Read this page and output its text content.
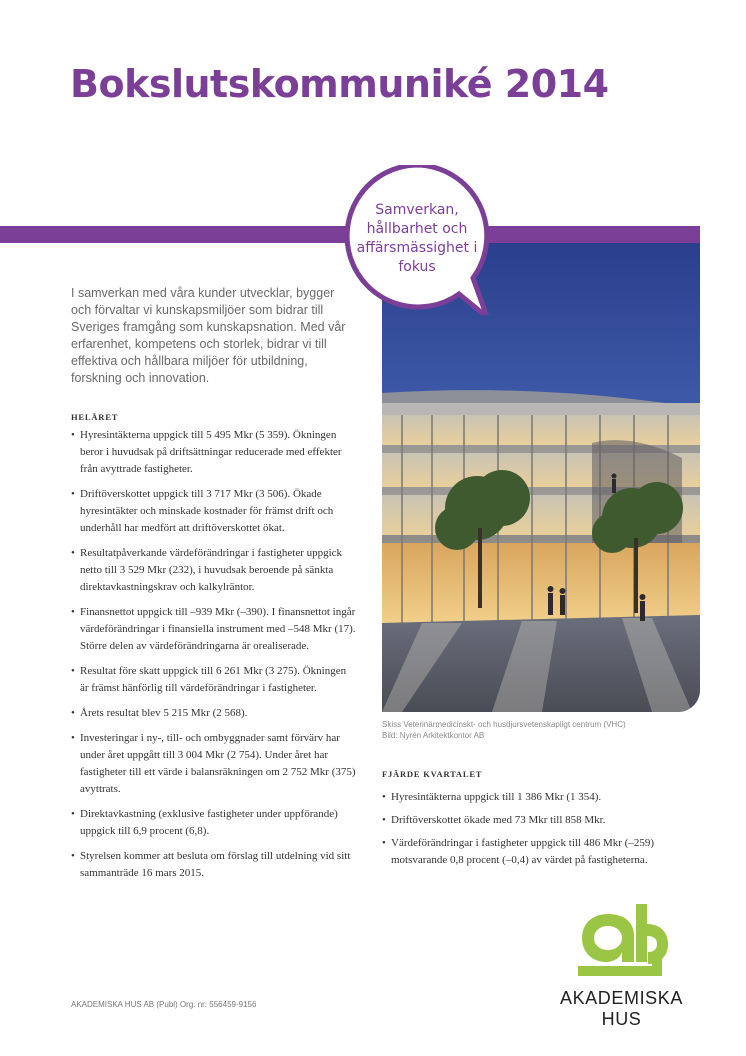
Bokslutskommuniké 2014
Samverkan, hållbarhet och affärsmässighet i fokus
Skiss Veterinärmedicinskt- och husdjursvetenskapligt centrum (VHC)
Bild: Nyrén Arkitektkontor AB

I samverkan med våra kunder utvecklar, bygger och förvaltar vi kunskapsmiljöer som bidrar till Sveriges framgång som kunskapsnation. Med vår erfarenhet, kompetens och storlek, bidrar vi till effektiva och hållbara miljöer för utbildning, forskning och innovation.

HELÅRET
• Hyresintäkterna uppgick till 5 495 Mkr (5 359). Ökningen beror i huvudsak på driftsättningar reducerade med effekter från avyttrade fastigheter.
• Driftöverskottet uppgick till 3 717 Mkr (3 506). Ökade hyresintäkter och minskade kostnader för främst drift och underhåll har medfört att driftöverskottet ökat.
• Resultatpåverkande värdeförändringar i fastigheter uppgick netto till 3 529 Mkr (232), i huvudsak beroende på sänkta direktavkastningskrav och kalkylräntor.
• Finansnettot uppgick till –939 Mkr (–390). I finansnettot ingår värdeförändringar i finansiella instrument med –548 Mkr (17). Större delen av värdeförändringarna är orealiserade.
• Resultat före skatt uppgick till 6 261 Mkr (3 275). Ökningen är främst hänförlig till värdeförändringar i fastigheter.
• Årets resultat blev 5 215 Mkr (2 568).
• Investeringar i ny-, till- och ombyggnader samt förvärv har under året uppgått till 3 004 Mkr (2 754). Under året har fastigheter till ett värde i balansräkningen om 2 752 Mkr (375) avyttrats.
• Direktavkastning (exklusive fastigheter under uppförande) uppgick till 6,9 procent (6,8).
• Styrelsen kommer att besluta om förslag till utdelning vid sitt sammanträde 16 mars 2015.
FJÄRDE KVARTALET
• Hyresintäkterna uppgick till 1 386 Mkr (1 354).
• Driftöverskottet ökade med 73 Mkr till 858 Mkr.
• Värdeförändringar i fastigheter uppgick till 486 Mkr (–259) motsvarande 0,8 procent (–0,4) av värdet på fastigheterna.
AKADEMISKA HUS
AKADEMISKA HUS AB (Publ) Org. nr: 556459-9156
